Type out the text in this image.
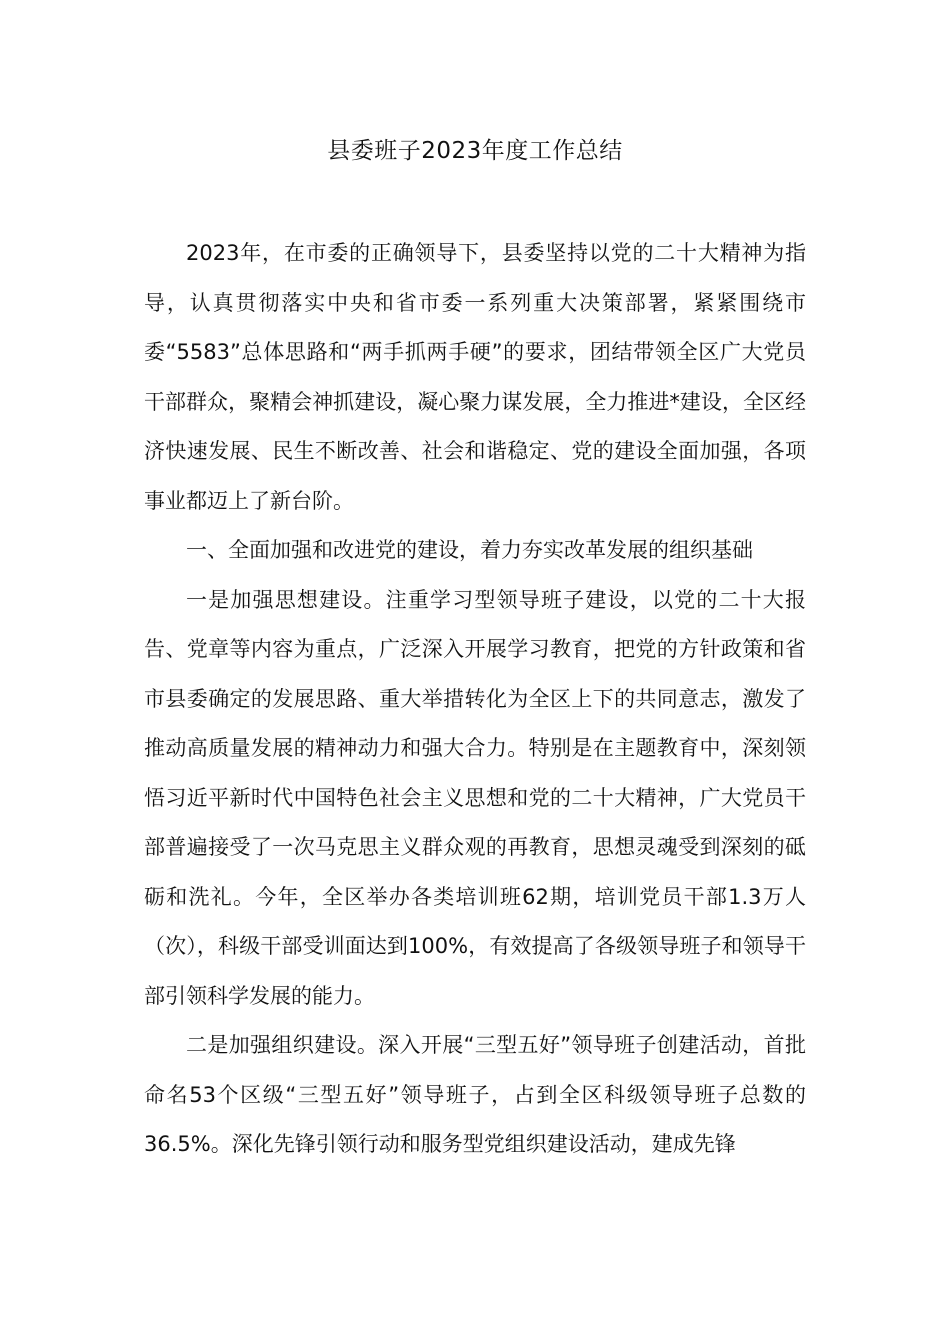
县委班子2023年度工作总结

2023年，在市委的正确领导下，县委坚持以党的二十大精神为指导，认真贯彻落实中央和省市委一系列重大决策部署，紧紧围绕市委“5583”总体思路和“两手抓两手硬”的要求，团结带领全区广大党员干部群众，聚精会神抓建设，凝心聚力谋发展，全力推进*建设，全区经济快速发展、民生不断改善、社会和谐稳定、党的建设全面加强，各项事业都迈上了新台阶。

一、全面加强和改进党的建设，着力夯实改革发展的组织基础

一是加强思想建设。注重学习型领导班子建设，以党的二十大报告、党章等内容为重点，广泛深入开展学习教育，把党的方针政策和省市县委确定的发展思路、重大举措转化为全区上下的共同意志，激发了推动高质量发展的精神动力和强大合力。特别是在主题教育中，深刻领悟习近平新时代中国特色社会主义思想和党的二十大精神，广大党员干部普遍接受了一次马克思主义群众观的再教育，思想灵魂受到深刻的砥砺和洗礼。今年，全区举办各类培训班62期，培训党员干部1.3万人（次），科级干部受训面达到100%，有效提高了各级领导班子和领导干部引领科学发展的能力。

二是加强组织建设。深入开展“三型五好”领导班子创建活动，首批命名53个区级“三型五好”领导班子，占到全区科级领导班子总数的36.5%。深化先锋引领行动和服务型党组织建设活动，建成先锋
